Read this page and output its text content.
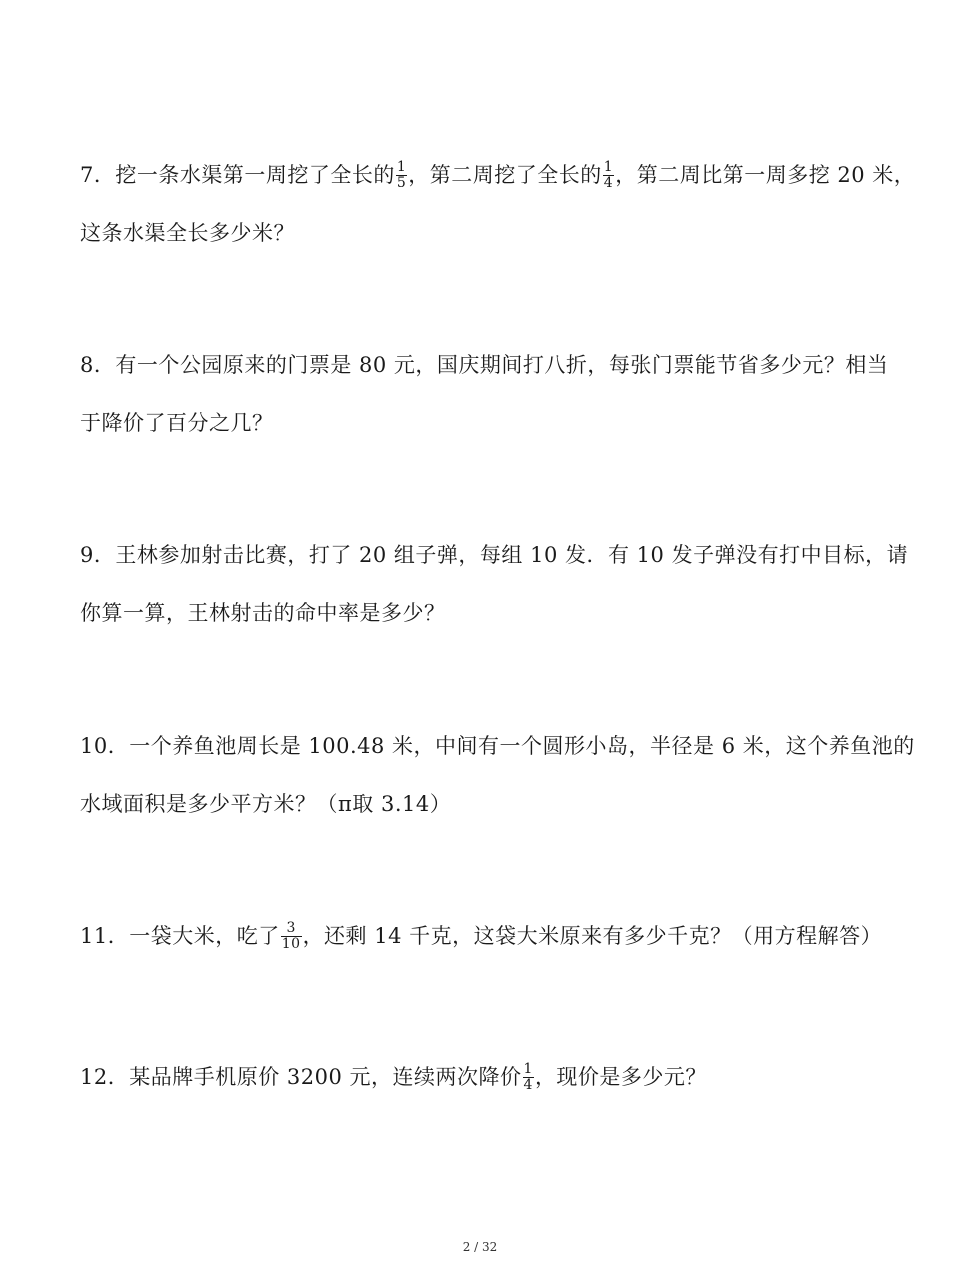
7．挖一条水渠第一周挖了全长的 $\frac{1}{5}$ ，第二周挖了全长的 $\frac{1}{4}$ ，第二周比第一周多挖 20 米，
这条水渠全长多少米？
8．有一个公园原来的门票是 80 元，国庆期间打八折，每张门票能节省多少元？相当
于降价了百分之几？
9．王林参加射击比赛，打了 20 组子弹，每组 10 发．有 10 发子弹没有打中目标，请
你算一算，王林射击的命中率是多少？
10．一个养鱼池周长是 100.48 米，中间有一个圆形小岛，半径是 6 米，这个养鱼池的
水域面积是多少平方米？（π取 3.14）
11．一袋大米，吃了 $\frac{3}{10}$ ，还剩 14 千克，这袋大米原来有多少千克？（用方程解答）
12．某品牌手机原价 3200 元，连续两次降价 $\frac{1}{4}$ ，现价是多少元？
2 / 32
